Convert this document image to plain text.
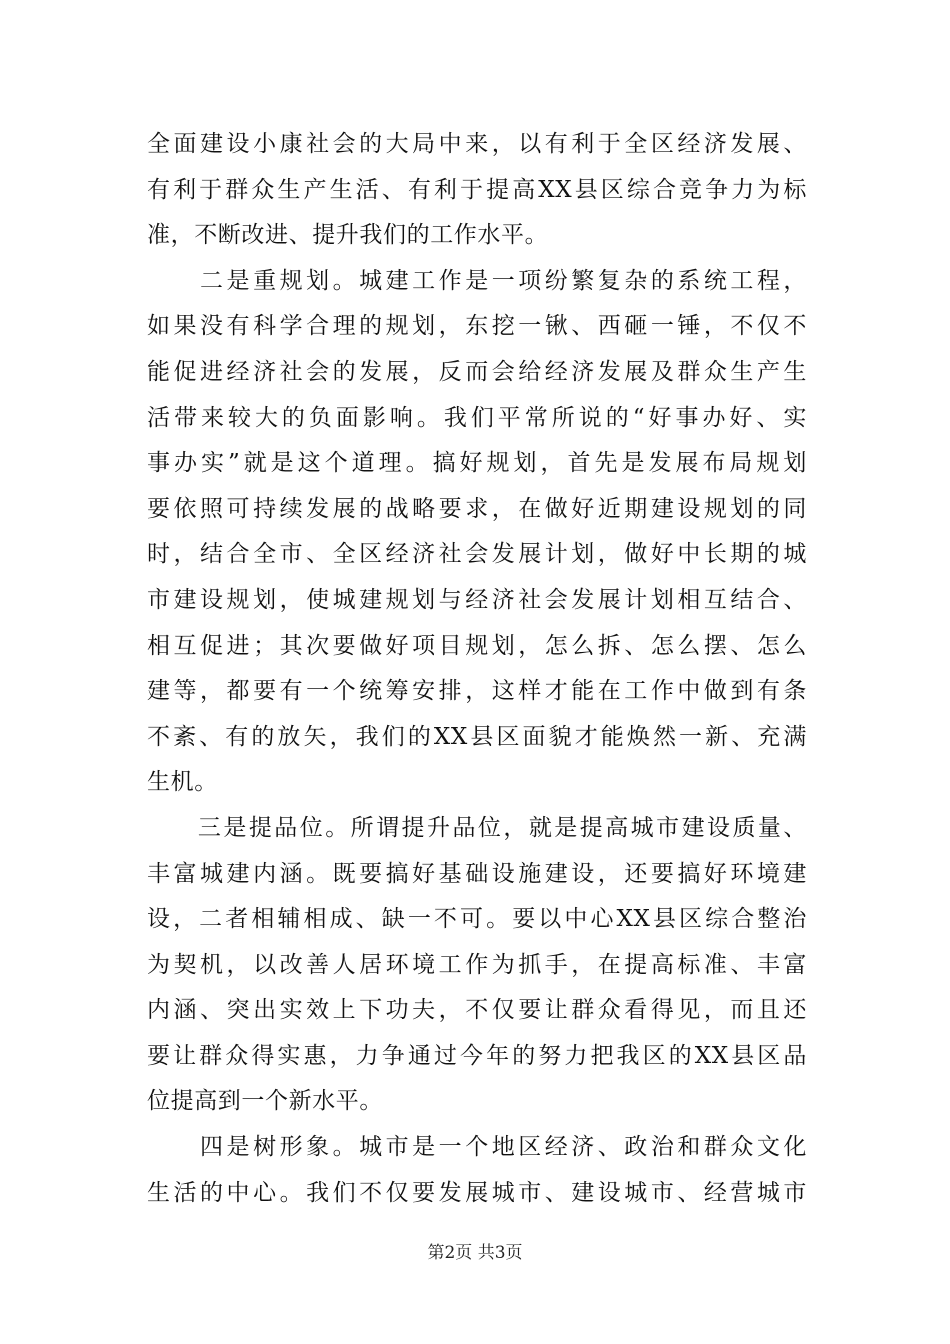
全面建设小康社会的大局中来，以有利于全区经济发展、
有利于群众生产生活、有利于提高XX县区综合竞争力为标
准，不断改进、提升我们的工作水平。
　　二是重规划。城建工作是一项纷繁复杂的系统工程，
如果没有科学合理的规划，东挖一锹、西砸一锤，不仅不
能促进经济社会的发展，反而会给经济发展及群众生产生
活带来较大的负面影响。我们平常所说的“好事办好、实
事办实”就是这个道理。搞好规划，首先是发展布局规划
要依照可持续发展的战略要求，在做好近期建设规划的同
时，结合全市、全区经济社会发展计划，做好中长期的城
市建设规划，使城建规划与经济社会发展计划相互结合、
相互促进；其次要做好项目规划，怎么拆、怎么摆、怎么
建等，都要有一个统筹安排，这样才能在工作中做到有条
不紊、有的放矢，我们的XX县区面貌才能焕然一新、充满
生机。
　　三是提品位。所谓提升品位，就是提高城市建设质量、
丰富城建内涵。既要搞好基础设施建设，还要搞好环境建
设，二者相辅相成、缺一不可。要以中心XX县区综合整治
为契机，以改善人居环境工作为抓手，在提高标准、丰富
内涵、突出实效上下功夫，不仅要让群众看得见，而且还
要让群众得实惠，力争通过今年的努力把我区的XX县区品
位提高到一个新水平。
　　四是树形象。城市是一个地区经济、政治和群众文化
生活的中心。我们不仅要发展城市、建设城市、经营城市
第2页 共3页
